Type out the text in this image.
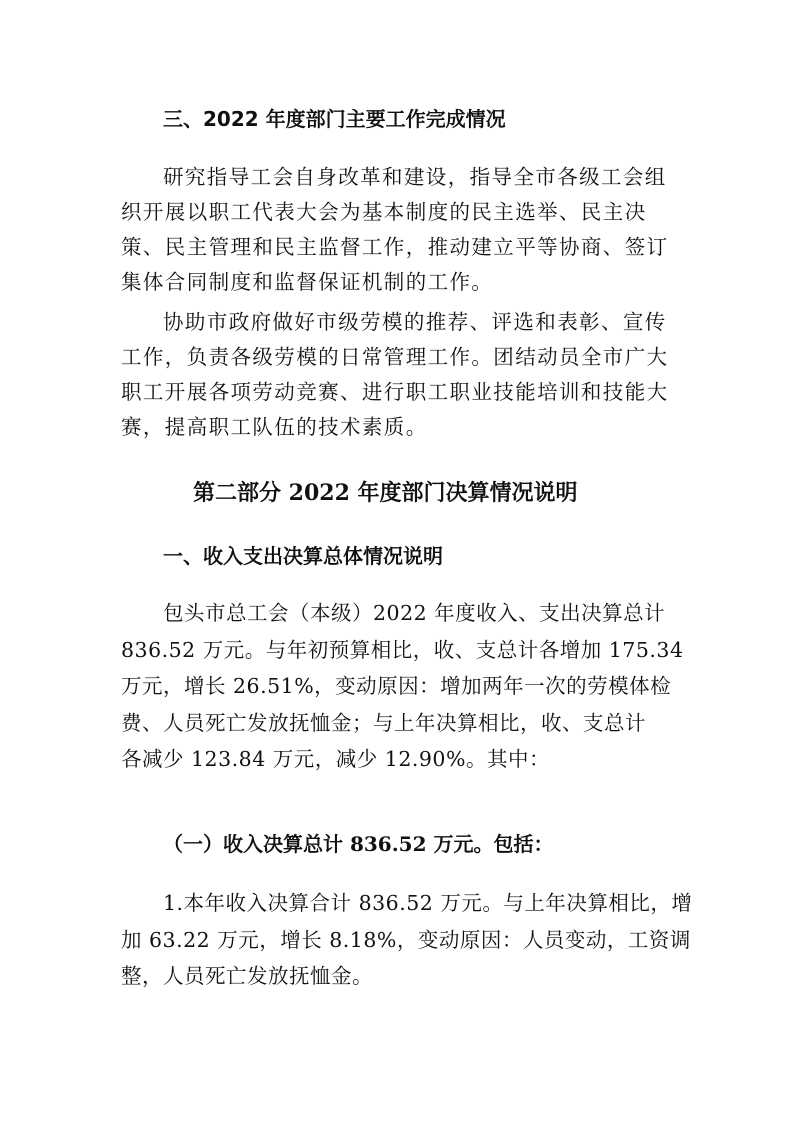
三、2022 年度部门主要工作完成情况
研究指导工会自身改革和建设，指导全市各级工会组
织开展以职工代表大会为基本制度的民主选举、民主决
策、民主管理和民主监督工作，推动建立平等协商、签订
集体合同制度和监督保证机制的工作。
协助市政府做好市级劳模的推荐、评选和表彰、宣传
工作，负责各级劳模的日常管理工作。团结动员全市广大
职工开展各项劳动竞赛、进行职工职业技能培训和技能大
赛，提高职工队伍的技术素质。
第二部分 2022 年度部门决算情况说明
一、收入支出决算总体情况说明
包头市总工会（本级）2022 年度收入、支出决算总计
836.52 万元。与年初预算相比，收、支总计各增加 175.34
万元，增长 26.51%，变动原因：增加两年一次的劳模体检
费、人员死亡发放抚恤金；与上年决算相比，收、支总计
各减少 123.84 万元，减少 12.90%。其中：
（一）收入决算总计 836.52 万元。包括：
1.本年收入决算合计 836.52 万元。与上年决算相比，增
加 63.22 万元，增长 8.18%，变动原因：人员变动，工资调
整，人员死亡发放抚恤金。
